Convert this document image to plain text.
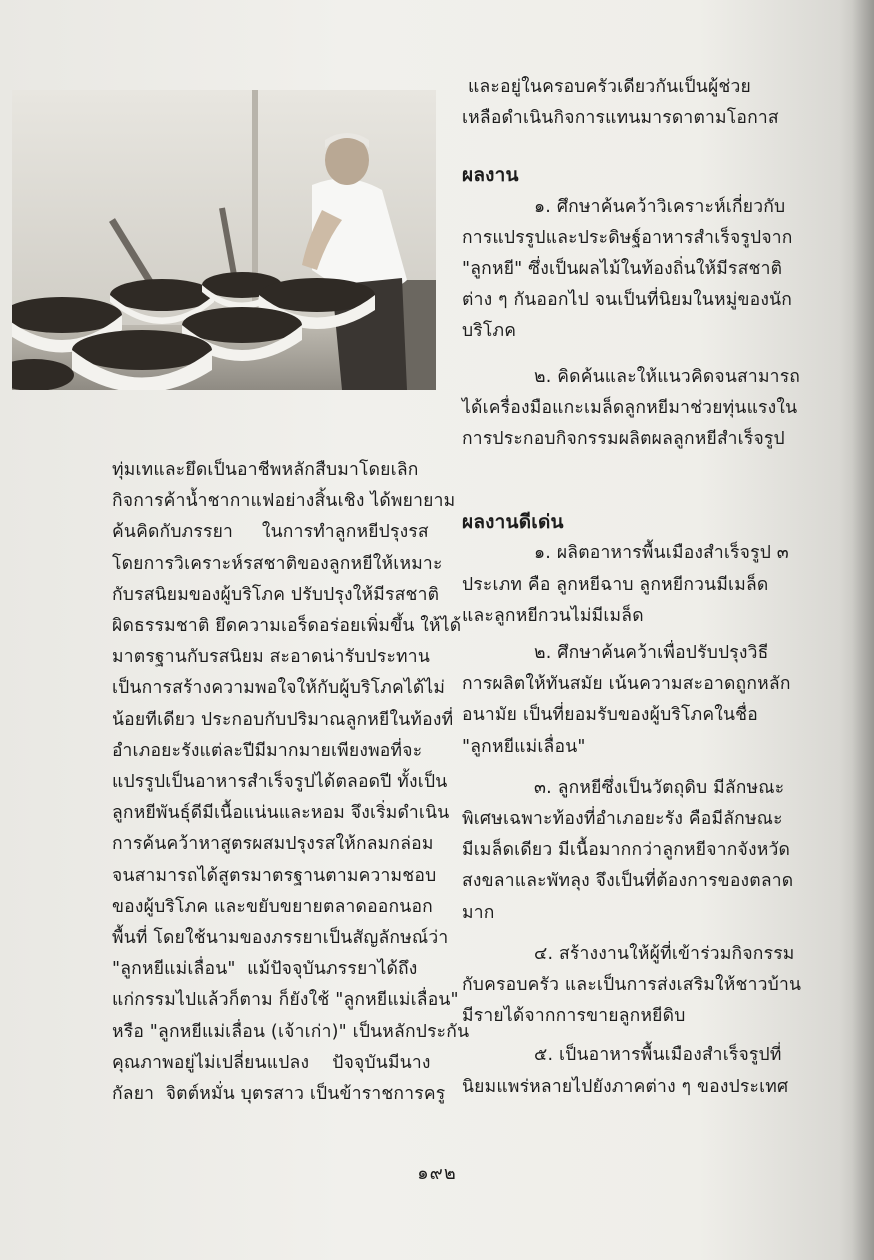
และอยู่ในครอบครัวเดียวกันเป็นผู้ช่วย
เหลือดำเนินกิจการแทนมารดาตามโอกาส
ผลงาน
๑. ศึกษาค้นคว้าวิเคราะห์เกี่ยวกับ
การแปรรูปและประดิษฐ์อาหารสำเร็จรูปจาก
"ลูกหยี" ซึ่งเป็นผลไม้ในท้องถิ่นให้มีรสชาติ
ต่าง ๆ กันออกไป จนเป็นที่นิยมในหมู่ของนัก
บริโภค
๒. คิดค้นและให้แนวคิดจนสามารถ
ได้เครื่องมือแกะเมล็ดลูกหยีมาช่วยทุ่นแรงใน
การประกอบกิจกรรมผลิตผลลูกหยีสำเร็จรูป
ผลงานดีเด่น
๑. ผลิตอาหารพื้นเมืองสำเร็จรูป ๓
ประเภท คือ ลูกหยีฉาบ ลูกหยีกวนมีเมล็ด
และลูกหยีกวนไม่มีเมล็ด
๒. ศึกษาค้นคว้าเพื่อปรับปรุงวิธี
การผลิตให้ทันสมัย เน้นความสะอาดถูกหลัก
อนามัย เป็นที่ยอมรับของผู้บริโภคในชื่อ
"ลูกหยีแม่เลื่อน"
๓. ลูกหยีซึ่งเป็นวัตถุดิบ มีลักษณะ
พิเศษเฉพาะท้องที่อำเภอยะรัง คือมีลักษณะ
มีเมล็ดเดียว มีเนื้อมากกว่าลูกหยีจากจังหวัด
สงขลาและพัทลุง จึงเป็นที่ต้องการของตลาด
มาก
๔. สร้างงานให้ผู้ที่เข้าร่วมกิจกรรม
กับครอบครัว และเป็นการส่งเสริมให้ชาวบ้าน
มีรายได้จากการขายลูกหยีดิบ
๕. เป็นอาหารพื้นเมืองสำเร็จรูปที่
นิยมแพร่หลายไปยังภาคต่าง ๆ ของประเทศ
ทุ่มเทและยึดเป็นอาชีพหลักสืบมาโดยเลิก
กิจการค้าน้ำชากาแฟอย่างสิ้นเชิง ได้พยายาม
ค้นคิดกับภรรยา     ในการทำลูกหยีปรุงรส
โดยการวิเคราะห์รสชาติของลูกหยีให้เหมาะ
กับรสนิยมของผู้บริโภค ปรับปรุงให้มีรสชาติ
ผิดธรรมชาติ ยึดความเอร็ดอร่อยเพิ่มขึ้น ให้ได้
มาตรฐานกับรสนิยม สะอาดน่ารับประทาน
เป็นการสร้างความพอใจให้กับผู้บริโภคได้ไม่
น้อยทีเดียว ประกอบกับปริมาณลูกหยีในท้องที่
อำเภอยะรังแต่ละปีมีมากมายเพียงพอที่จะ
แปรรูปเป็นอาหารสำเร็จรูปได้ตลอดปี ทั้งเป็น
ลูกหยีพันธุ์ดีมีเนื้อแน่นและหอม จึงเริ่มดำเนิน
การค้นคว้าหาสูตรผสมปรุงรสให้กลมกล่อม
จนสามารถได้สูตรมาตรฐานตามความชอบ
ของผู้บริโภค และขยับขยายตลาดออกนอก
พื้นที่ โดยใช้นามของภรรยาเป็นสัญลักษณ์ว่า
"ลูกหยีแม่เลื่อน"  แม้ปัจจุบันภรรยาได้ถึง
แก่กรรมไปแล้วก็ตาม ก็ยังใช้ "ลูกหยีแม่เลื่อน"
หรือ "ลูกหยีแม่เลื่อน (เจ้าเก่า)" เป็นหลักประกัน
คุณภาพอยู่ไม่เปลี่ยนแปลง    ปัจจุบันมีนาง
กัลยา  จิตต์หมั่น บุตรสาว เป็นข้าราชการครู
๑๙๒
